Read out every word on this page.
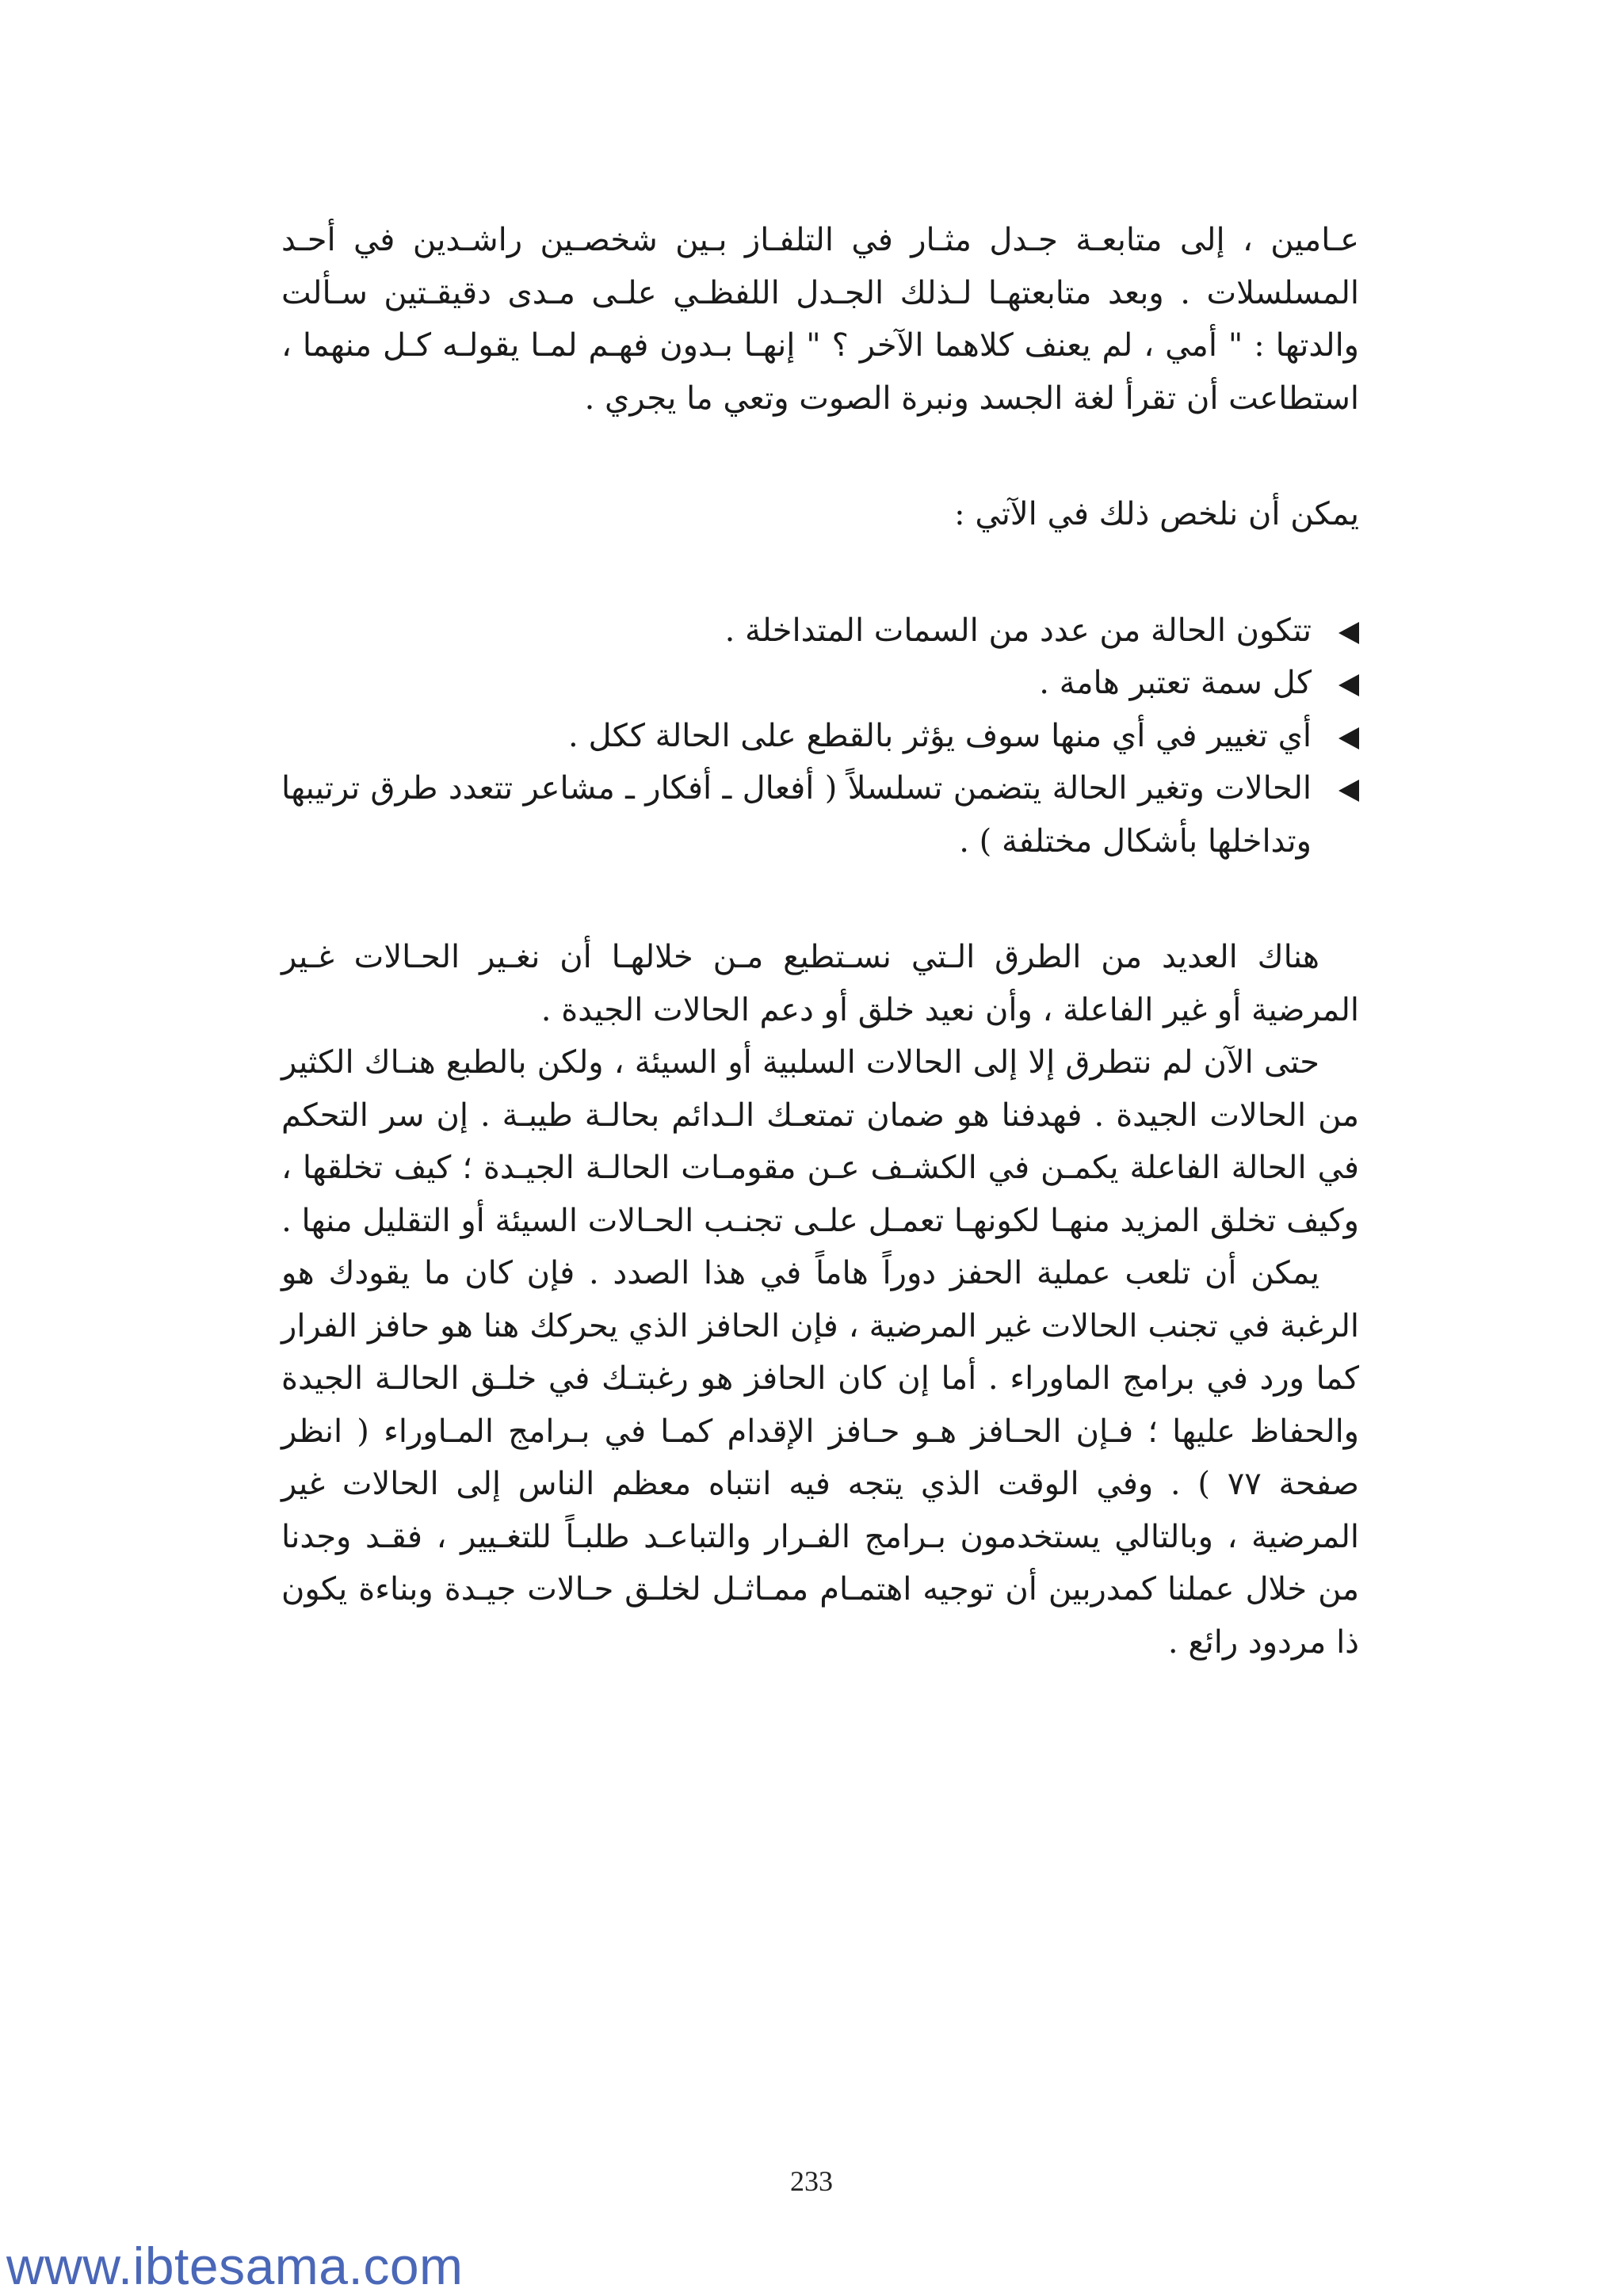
عـامين ، إلى متابعـة جـدل مثـار في التلفـاز بـين شخصـين راشـدين في أحـد المسلسلات . وبعد متابعتهـا لـذلك الجـدل اللفظـي علـى مـدى دقيقـتين سـألت والدتها : " أمي ، لم يعنف كلاهما الآخر ؟ " إنهـا بـدون فهـم لمـا يقولـه كـل منهما ، استطاعت أن تقرأ لغة الجسد ونبرة الصوت وتعي ما يجري .

يمكن أن نلخص ذلك في الآتي :

تتكون الحالة من عدد من السمات المتداخلة .
كل سمة تعتبر هامة .
أي تغيير في أي منها سوف يؤثر بالقطع على الحالة ككل .
الحالات وتغير الحالة يتضمن تسلسلاً ( أفعال ـ أفكار ـ مشاعر تتعدد طرق ترتيبها وتداخلها بأشكال مختلفة ) .

هناك العديد من الطرق الـتي نسـتطيع مـن خلالهـا أن نغـير الحـالات غـير المرضية أو غير الفاعلة ، وأن نعيد خلق أو دعم الحالات الجيدة .

حتى الآن لم نتطرق إلا إلى الحالات السلبية أو السيئة ، ولكن بالطبع هنـاك الكثير من الحالات الجيدة . فهدفنا هو ضمان تمتعـك الـدائم بحالـة طيبـة . إن سر التحكم في الحالة الفاعلة يكمـن في الكشـف عـن مقومـات الحالـة الجيـدة ؛ كيف تخلقها ، وكيف تخلق المزيد منهـا لكونهـا تعمـل علـى تجنـب الحـالات السيئة أو التقليل منها .

يمكن أن تلعب عملية الحفز دوراً هاماً في هذا الصدد . فإن كان ما يقودك هو الرغبة في تجنب الحالات غير المرضية ، فإن الحافز الذي يحركك هنا هو حافز الفرار كما ورد في برامج الماوراء . أما إن كان الحافز هو رغبتـك في خلـق الحالـة الجيدة والحفاظ عليها ؛ فـإن الحـافز هـو حـافز الإقدام كمـا في بـرامج المـاوراء ( انظر صفحة ٧٧ ) . وفي الوقت الذي يتجه فيه انتباه معظم الناس إلى الحالات غير المرضية ، وبالتالي يستخدمون بـرامج الفـرار والتباعـد طلبـاً للتغـيير ، فقـد وجدنا من خلال عملنا كمدربين أن توجيه اهتمـام ممـاثـل لخلـق حـالات جيـدة وبناءة يكون ذا مردود رائع .

233
www.ibtesama.com
